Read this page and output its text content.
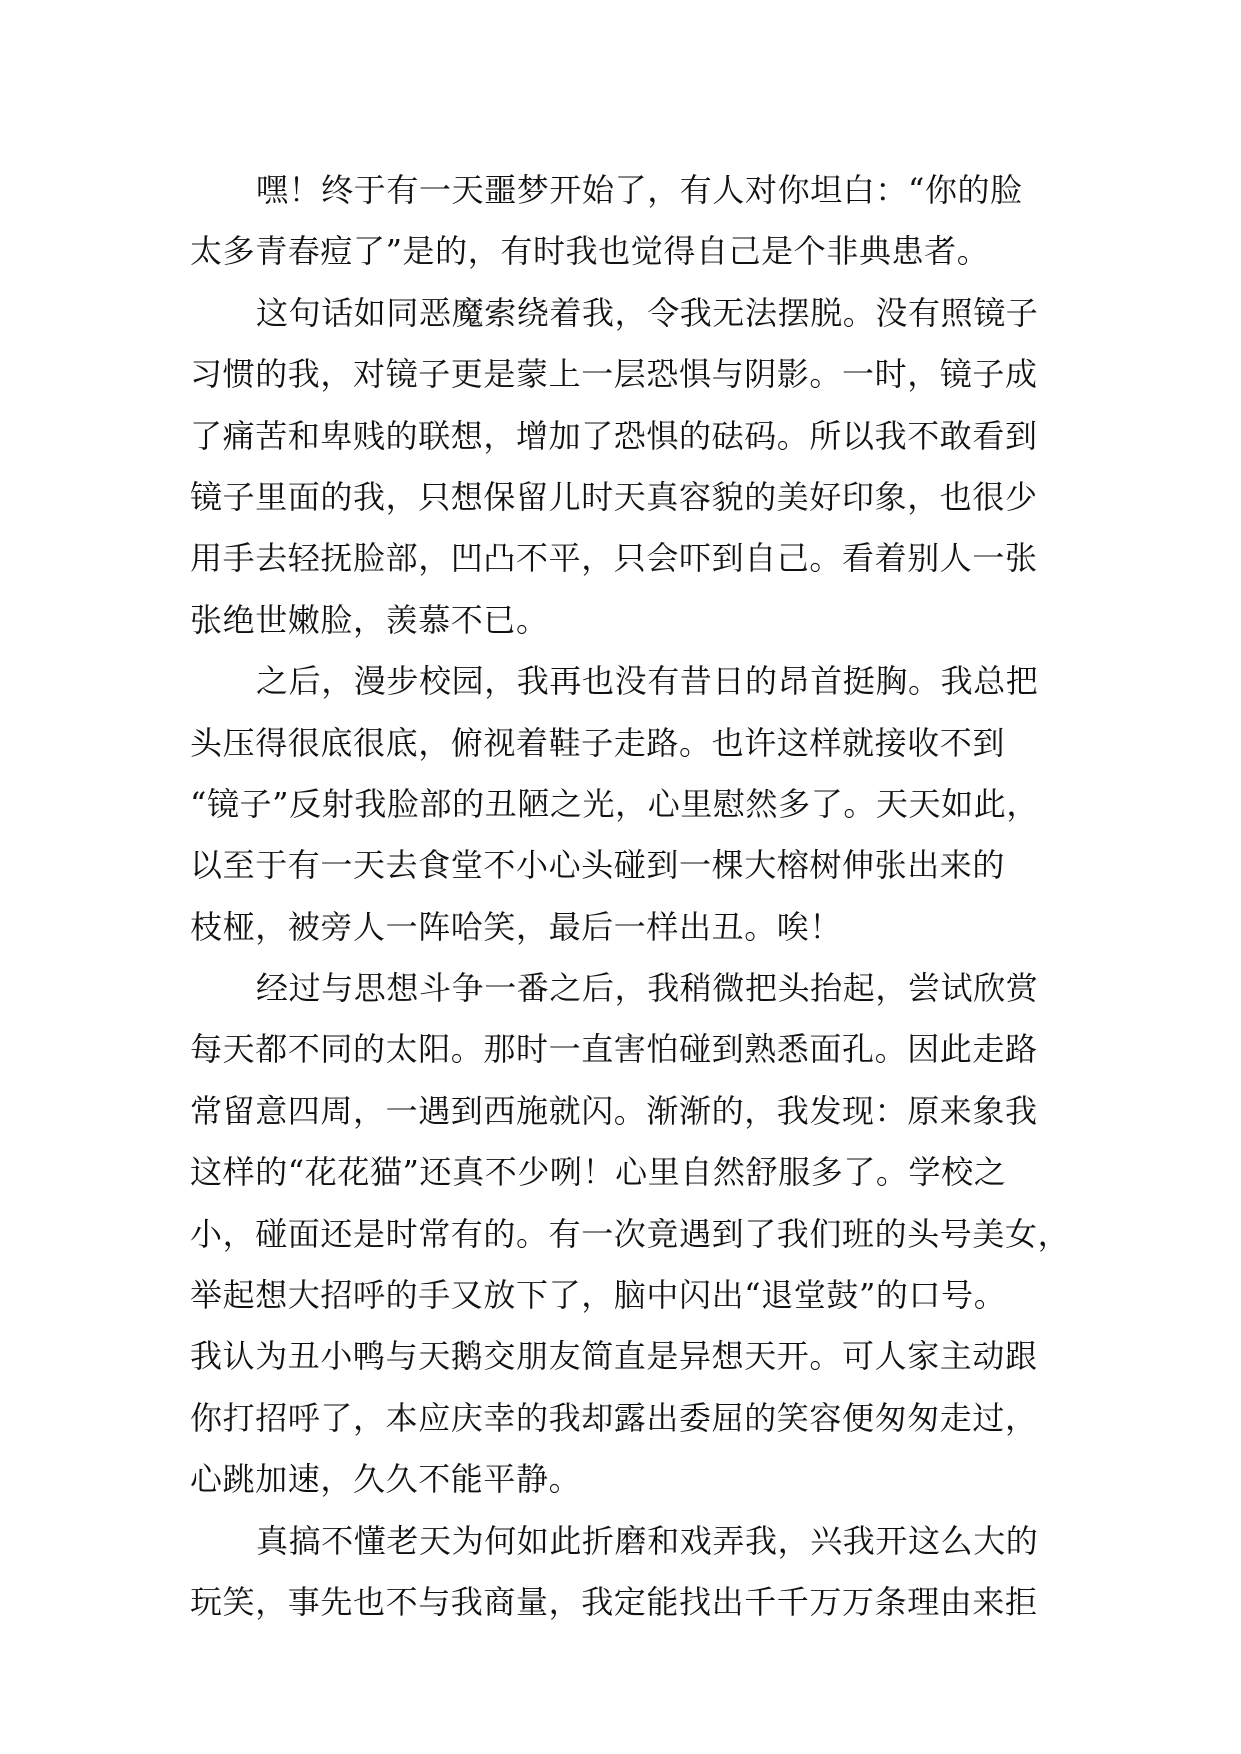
嘿！终于有一天噩梦开始了，有人对你坦白：“你的脸
太多青春痘了”是的，有时我也觉得自己是个非典患者。
这句话如同恶魔索绕着我，令我无法摆脱。没有照镜子
习惯的我，对镜子更是蒙上一层恐惧与阴影。一时，镜子成
了痛苦和卑贱的联想，增加了恐惧的砝码。所以我不敢看到
镜子里面的我，只想保留儿时天真容貌的美好印象，也很少
用手去轻抚脸部，凹凸不平，只会吓到自己。看着别人一张
张绝世嫩脸，羡慕不已。
之后，漫步校园，我再也没有昔日的昂首挺胸。我总把
头压得很底很底，俯视着鞋子走路。也许这样就接收不到
“镜子”反射我脸部的丑陋之光，心里慰然多了。天天如此，
以至于有一天去食堂不小心头碰到一棵大榕树伸张出来的
枝桠，被旁人一阵哈笑，最后一样出丑。唉！
经过与思想斗争一番之后，我稍微把头抬起，尝试欣赏
每天都不同的太阳。那时一直害怕碰到熟悉面孔。因此走路
常留意四周，一遇到西施就闪。渐渐的，我发现：原来象我
这样的“花花猫”还真不少咧！心里自然舒服多了。学校之
小，碰面还是时常有的。有一次竟遇到了我们班的头号美女，
举起想大招呼的手又放下了，脑中闪出“退堂鼓”的口号。
我认为丑小鸭与天鹅交朋友简直是异想天开。可人家主动跟
你打招呼了，本应庆幸的我却露出委屈的笑容便匆匆走过，
心跳加速，久久不能平静。
真搞不懂老天为何如此折磨和戏弄我，兴我开这么大的
玩笑，事先也不与我商量，我定能找出千千万万条理由来拒
